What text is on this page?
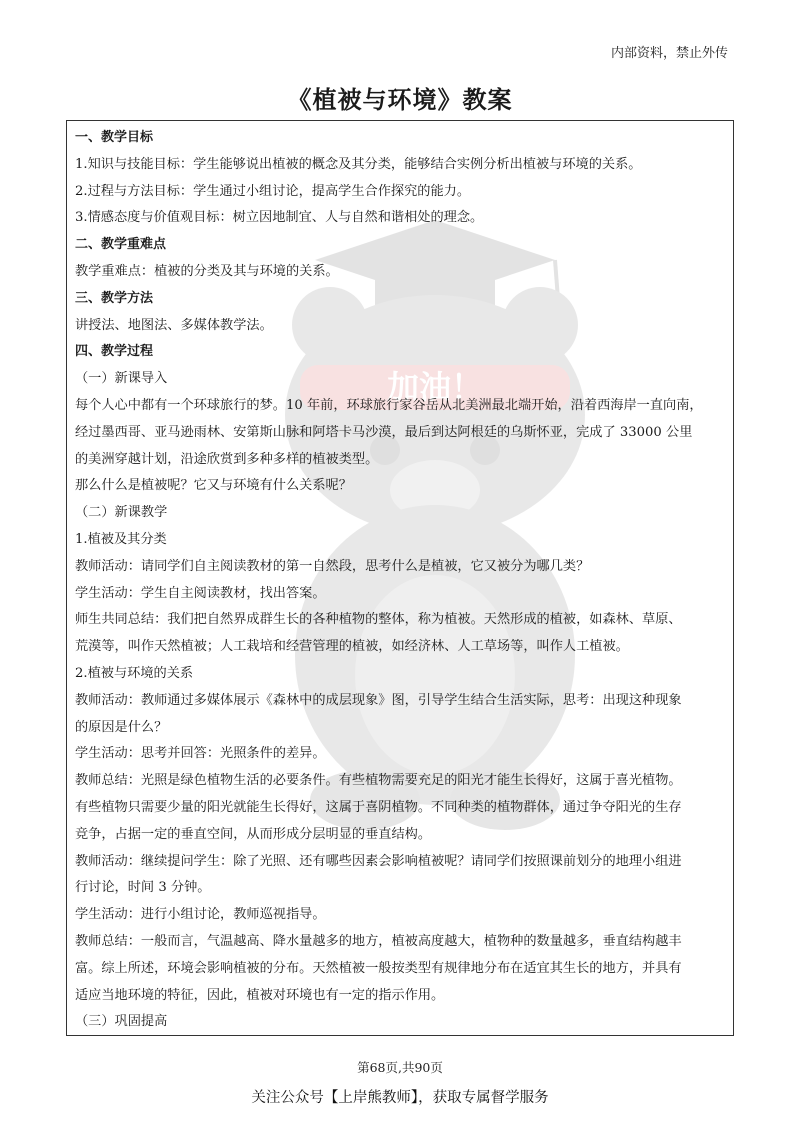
加油！
内部资料，禁止外传
《植被与环境》教案
一、教学目标
1.知识与技能目标：学生能够说出植被的概念及其分类，能够结合实例分析出植被与环境的关系。
2.过程与方法目标：学生通过小组讨论，提高学生合作探究的能力。
3.情感态度与价值观目标：树立因地制宜、人与自然和谐相处的理念。
二、教学重难点
教学重难点：植被的分类及其与环境的关系。
三、教学方法
讲授法、地图法、多媒体教学法。
四、教学过程
（一）新课导入
每个人心中都有一个环球旅行的梦。10 年前，环球旅行家谷岳从北美洲最北端开始，沿着西海岸一直向南，
经过墨西哥、亚马逊雨林、安第斯山脉和阿塔卡马沙漠，最后到达阿根廷的乌斯怀亚，完成了 33000 公里
的美洲穿越计划，沿途欣赏到多种多样的植被类型。
那么什么是植被呢？它又与环境有什么关系呢？
（二）新课教学
1.植被及其分类
教师活动：请同学们自主阅读教材的第一自然段，思考什么是植被，它又被分为哪几类？
学生活动：学生自主阅读教材，找出答案。
师生共同总结：我们把自然界成群生长的各种植物的整体，称为植被。天然形成的植被，如森林、草原、
荒漠等，叫作天然植被；人工栽培和经营管理的植被，如经济林、人工草场等，叫作人工植被。
2.植被与环境的关系
教师活动：教师通过多媒体展示《森林中的成层现象》图，引导学生结合生活实际，思考：出现这种现象
的原因是什么？
学生活动：思考并回答：光照条件的差异。
教师总结：光照是绿色植物生活的必要条件。有些植物需要充足的阳光才能生长得好，这属于喜光植物。
有些植物只需要少量的阳光就能生长得好，这属于喜阴植物。不同种类的植物群体，通过争夺阳光的生存
竞争，占据一定的垂直空间，从而形成分层明显的垂直结构。
教师活动：继续提问学生：除了光照、还有哪些因素会影响植被呢？请同学们按照课前划分的地理小组进
行讨论，时间 3 分钟。
学生活动：进行小组讨论，教师巡视指导。
教师总结：一般而言，气温越高、降水量越多的地方，植被高度越大，植物种的数量越多，垂直结构越丰
富。综上所述，环境会影响植被的分布。天然植被一般按类型有规律地分布在适宜其生长的地方，并具有
适应当地环境的特征，因此，植被对环境也有一定的指示作用。
（三）巩固提高
第68页,共90页
关注公众号【上岸熊教师】，获取专属督学服务
